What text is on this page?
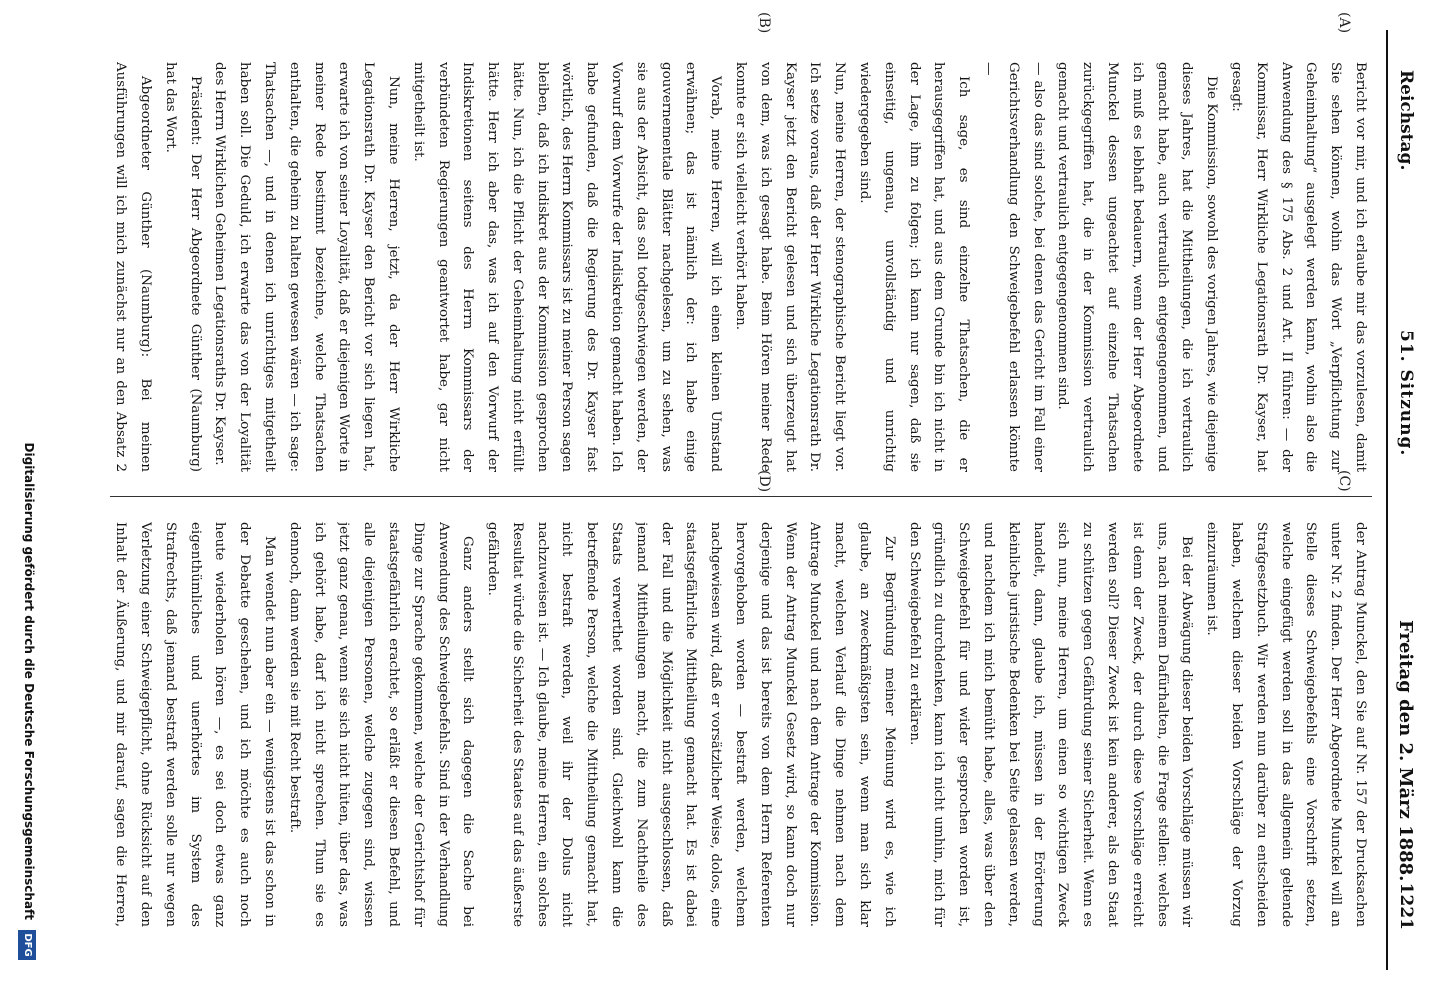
Reichstag.
51. Sitzung.
Freitag den 2. März 1888.
1221
(A)
(B)
(C)
(D)

Bericht vor mir, und ich erlaube mir das vorzulesen, damit Sie sehen können, wohin das Wort „Verpflichtung zur Geheimhaltung“ ausgelegt werden kann, wohin also die Anwendung des § 175 Abs. 2 und Art. II führen: — der Kommissar, Herr Wirkliche Legationsrath Dr. Kayser, hat gesagt:

Die Kommission, sowohl des vorigen Jahres, wie diejenige dieses Jahres, hat die Mittheilungen, die ich vertraulich gemacht habe, auch vertraulich entgegengenommen, und ich muß es lebhaft bedauern, wenn der Herr Abgeordnete Munckel dessen ungeachtet auf einzelne Thatsachen zurückgegriffen hat, die in der Kommission vertraulich gemacht und vertraulich entgegengenommen sind.

— also das sind solche, bei denen das Gericht im Fall einer Gerichtsverhandlung den Schweigebefehl erlassen könnte —

Ich sage, es sind einzelne Thatsachen, die er herausgegriffen hat, und aus dem Grunde bin ich nicht in der Lage, ihm zu folgen; ich kann nur sagen, daß sie einseitig, ungenau, unvollständig und unrichtig wiedergegeben sind.

Nun, meine Herren, der stenographische Bericht liegt vor. Ich setze voraus, daß der Herr Wirkliche Legationsrath Dr. Kayser jetzt den Bericht gelesen und sich überzeugt hat von dem, was ich gesagt habe. Beim Hören meiner Rede konnte er sich vielleicht verhört haben.

Vorab, meine Herren, will ich einen kleinen Umstand erwähnen; das ist nämlich der: ich habe einige gouvernementale Blätter nachgelesen, um zu sehen, was sie aus der Absicht, das soll todtgeschwiegen werden, der Vorwurf dem Vorwurfe der Indiskretion gemacht haben. Ich habe gefunden, daß die Regierung des Dr. Kayser fast wörtlich, des Herrn Kommissars ist zu meiner Person sagen bleiben, daß ich indiskret aus der Kommission gesprochen hätte. Nun, ich die Pflicht der Geheimhaltung nicht erfüllt hätte. Herr ich aber das, was ich auf den Vorwurf der Indiskretionen seitens des Herrn Kommissars der verbündeten Regierungen geantwortet habe, gar nicht mitgetheilt ist.

Nun, meine Herren, jetzt, da der Herr Wirkliche Legationsrath Dr. Kayser den Bericht vor sich liegen hat, erwarte ich von seiner Loyalität, daß er diejenigen Worte in meiner Rede bestimmt bezeichne, welche Thatsachen enthalten, die geheim zu halten gewesen wären — ich sage: Thatsachen —, und in denen ich unrichtiges mitgetheilt haben soll. Die Geduld, ich erwarte das von der Loyalität des Herrn Wirklichen Geheimen Legationsraths Dr. Kayser.

Präsident: Der Herr Abgeordnete Günther (Naumburg) hat das Wort.

Abgeordneter Günther (Naumburg): Bei meinen Ausführungen will ich mich zunächst nur an den Absatz 2

der Antrag Munckel, den Sie auf Nr. 157 der Drucksachen unter Nr. 2 finden. Der Herr Abgeordnete Munckel will an Stelle dieses Schweigebefehls eine Vorschrift setzen, welche eingefügt werden soll in das allgemein geltende Strafgesetzbuch. Wir werden nun darüber zu entscheiden haben, welchem dieser beiden Vorschläge der Vorzug einzuräumen ist.

Bei der Abwägung dieser beiden Vorschläge müssen wir uns, nach meinem Dafürhalten, die Frage stellen: welches ist denn der Zweck, der durch diese Vorschläge erreicht werden soll? Dieser Zweck ist kein anderer, als den Staat zu schützen gegen Gefährdung seiner Sicherheit. Wenn es sich nun, meine Herren, um einen so wichtigen Zweck handelt, dann, glaube ich, müssen in der Erörterung kleinliche juristische Bedenken bei Seite gelassen werden, und nachdem ich mich bemüht habe, alles, was über den Schweigebefehl für und wider gesprochen worden ist, gründlich zu durchdenken, kann ich nicht umhin, mich für den Schweigebefehl zu erklären.

Zur Begründung meiner Meinung wird es, wie ich glaube, an zweckmäßigsten sein, wenn man sich klar macht, welchen Verlauf die Dinge nehmen nach dem Antrage Munckel und nach dem Antrage der Kommission. Wenn der Antrag Munckel Gesetz wird, so kann doch nur derjenige und das ist bereits von dem Herrn Referenten hervorgehoben worden — bestraft werden, welchem nachgewiesen wird, daß er vorsätzlicher Weise, dolos, eine staatsgefährliche Mittheilung gemacht hat. Es ist dabei der Fall und die Möglichkeit nicht ausgeschlossen, daß jemand Mittheilungen macht, die zum Nachtheile des Staats verwerthet worden sind. Gleichwohl kann die betreffende Person, welche die Mittheilung gemacht hat, nicht bestraft werden, weil ihr der Dolus nicht nachzuweisen ist. — Ich glaube, meine Herren, ein solches Resultat würde die Sicherheit des Staates auf das äußerste gefährden.

Ganz anders stellt sich dagegen die Sache bei Anwendung des Schweigebefehls. Sind in der Verhandlung Dinge zur Sprache gekommen, welche der Gerichtshof für staatsgefährlich erachtet, so erläßt er diesen Befehl, und alle diejenigen Personen, welche zugegen sind, wissen jetzt ganz genau, wenn sie sich nicht hüten, über das, was ich gehört habe, darf ich nicht sprechen. Thun sie es dennoch, dann werden sie mit Recht bestraft.

Man wendet nun aber ein — wenigstens ist das schon in der Debatte geschehen, und ich möchte es auch noch heute wiederholen hören —, es sei doch etwas ganz eigenthümliches und unerhörtes im System des Strafrechts, daß jemand bestraft werden solle nur wegen Verletzung einer Schweigepflicht, ohne Rücksicht auf den Inhalt der Äußerung, und mir darauf, sagen die Herren,

Digitalisierung gefördert durch die Deutsche Forschungsgemeinschaft
DFG
